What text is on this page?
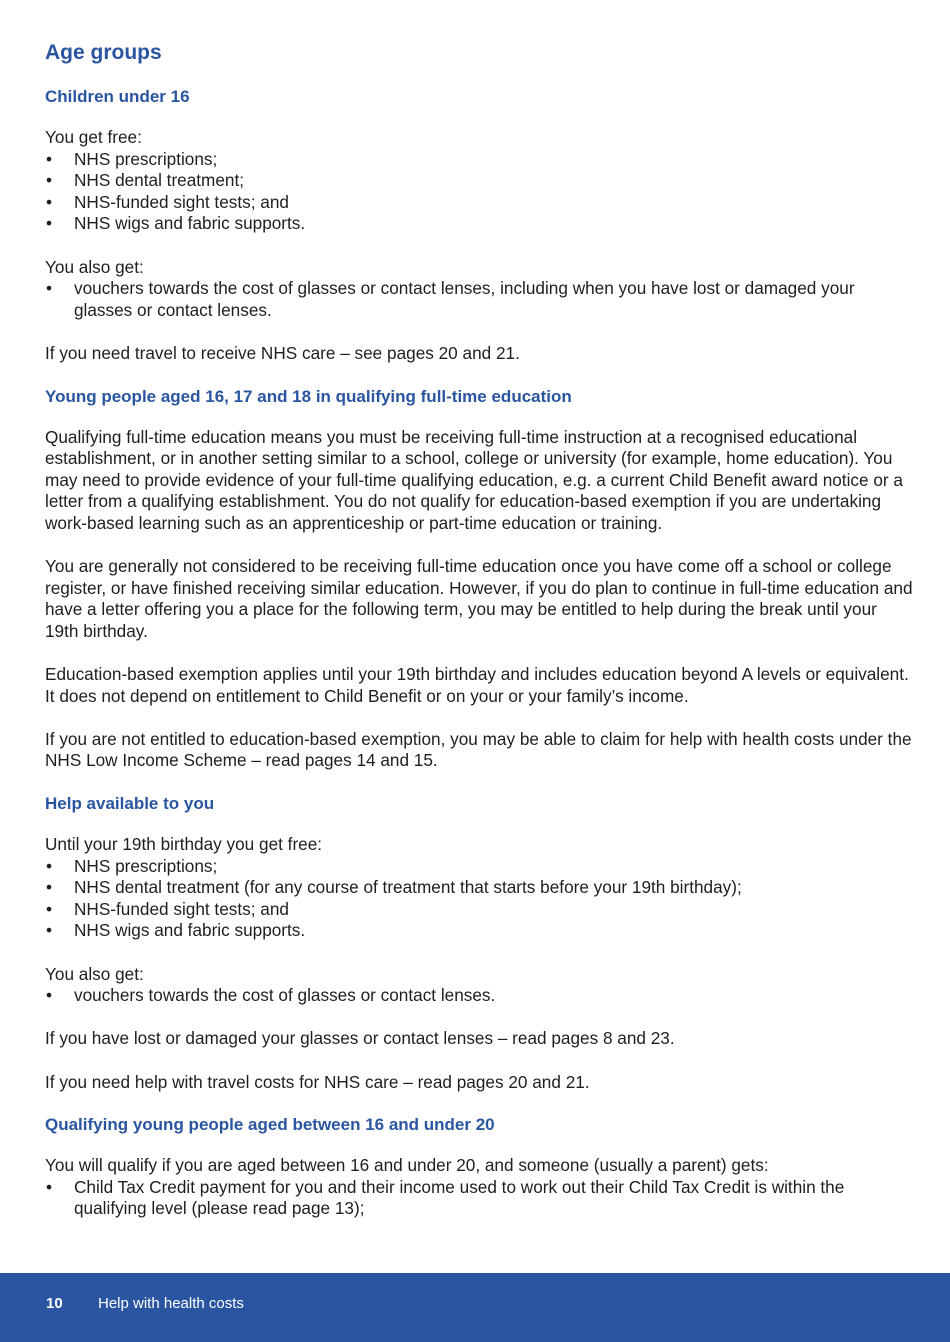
Age groups
Children under 16

You get free:

• NHS prescriptions;
• NHS dental treatment;
• NHS-funded sight tests; and
• NHS wigs and fabric supports.

You also get:

• vouchers towards the cost of glasses or contact lenses, including when you have lost or damaged your glasses or contact lenses.

If you need travel to receive NHS care – see pages 20 and 21.

Young people aged 16, 17 and 18 in qualifying full-time education

Qualifying full-time education means you must be receiving full-time instruction at a recognised educational establishment, or in another setting similar to a school, college or university (for example, home education). You may need to provide evidence of your full-time qualifying education, e.g. a current Child Benefit award notice or a letter from a qualifying establishment. You do not qualify for education-based exemption if you are undertaking work-based learning such as an apprenticeship or part-time education or training.

You are generally not considered to be receiving full-time education once you have come off a school or college register, or have finished receiving similar education. However, if you do plan to continue in full-time education and have a letter offering you a place for the following term, you may be entitled to help during the break until your 19th birthday.

Education-based exemption applies until your 19th birthday and includes education beyond A levels or equivalent. It does not depend on entitlement to Child Benefit or on your or your family’s income.

If you are not entitled to education-based exemption, you may be able to claim for help with health costs under the NHS Low Income Scheme – read pages 14 and 15.

Help available to you

Until your 19th birthday you get free:

• NHS prescriptions;
• NHS dental treatment (for any course of treatment that starts before your 19th birthday);
• NHS-funded sight tests; and
• NHS wigs and fabric supports.

You also get:

• vouchers towards the cost of glasses or contact lenses.

If you have lost or damaged your glasses or contact lenses – read pages 8 and 23.

If you need help with travel costs for NHS care – read pages 20 and 21.

Qualifying young people aged between 16 and under 20

You will qualify if you are aged between 16 and under 20, and someone (usually a parent) gets:

• Child Tax Credit payment for you and their income used to work out their Child Tax Credit is within the qualifying level (please read page 13);
10 Help with health costs
